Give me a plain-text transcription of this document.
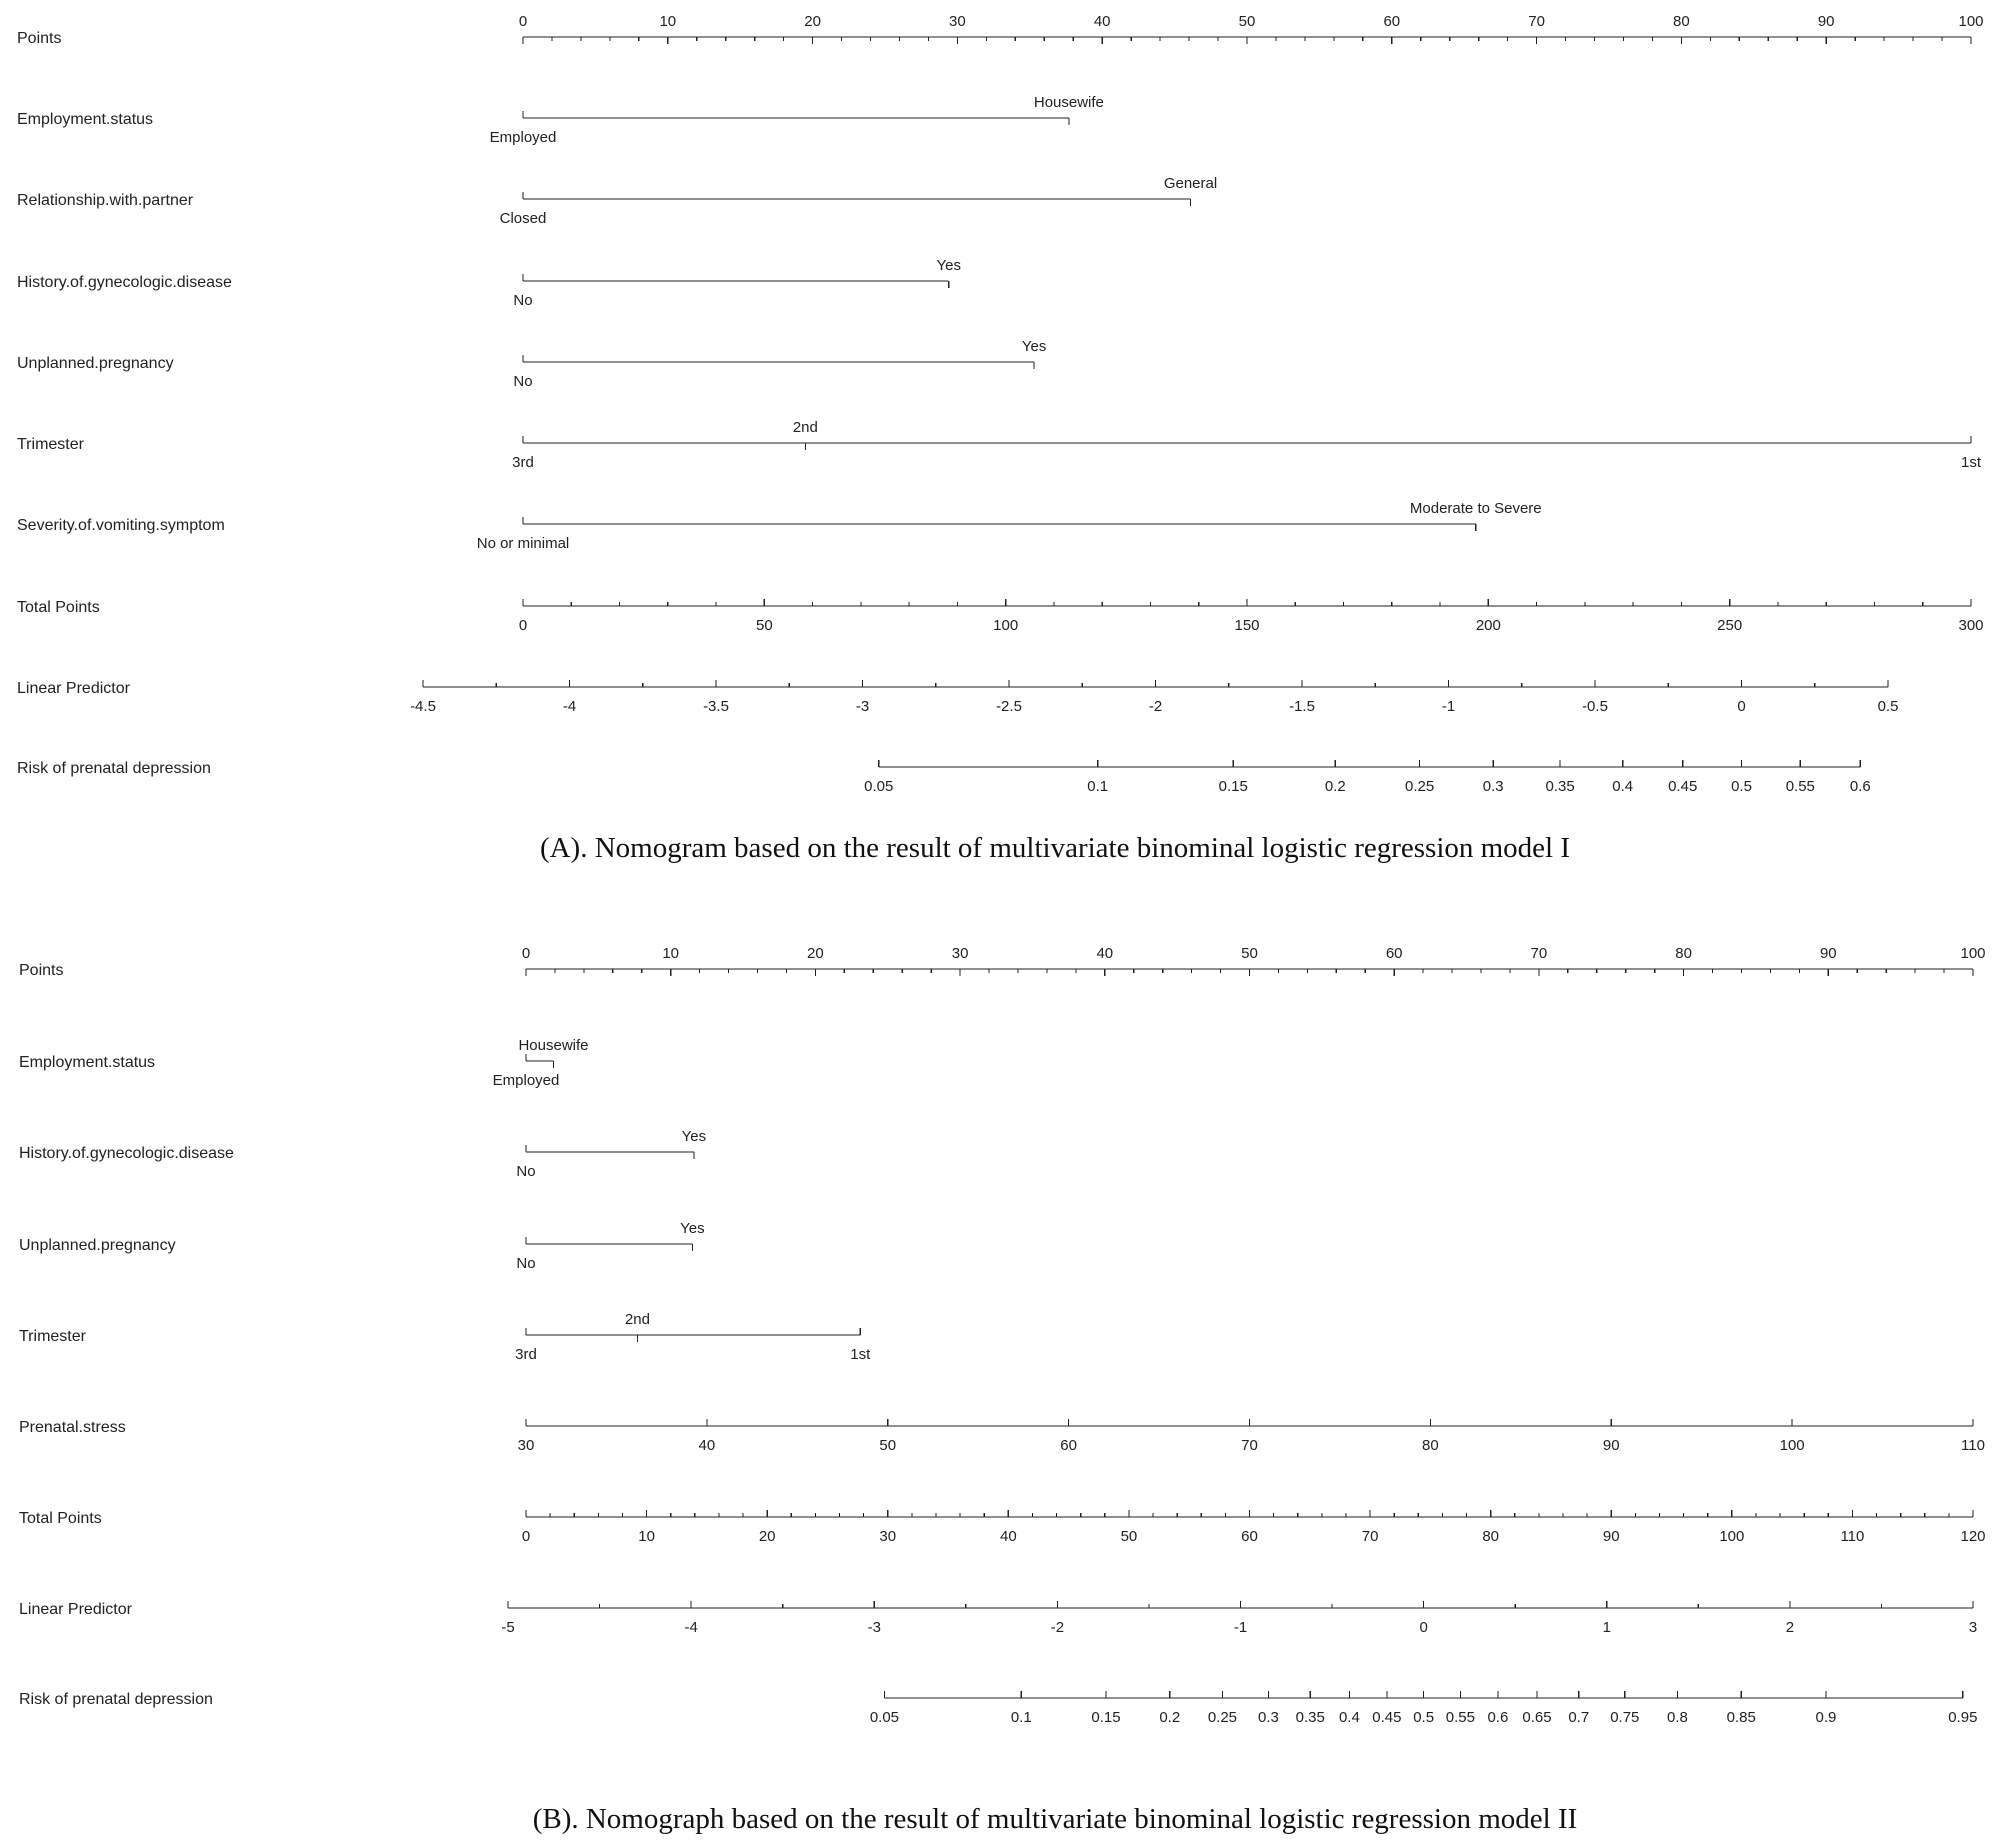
Points
0	10	20	30	40	50	60	70	80	90	100
Employment.status
Employed
Housewife
Relationship.with.partner
Closed
General
History.of.gynecologic.disease
No
Yes
Unplanned.pregnancy
No
Yes
Trimester
3rd
2nd
1st
Severity.of.vomiting.symptom
No or minimal
Moderate to Severe
Total Points
0	50	100	150	200	250	300
Linear Predictor
-4.5	-4	-3.5	-3	-2.5	-2	-1.5	-1	-0.5	0	0.5
Risk of prenatal depression
0.05	0.1	0.15	0.2	0.25	0.3	0.35	0.4 0.45 0.5 0.55 0.6
Points
0	10	20	30	40	50	60	70	80	90	100
Employment.status
Employed
Housewife
History.of.gynecologic.disease
No
Yes
Unplanned.pregnancy
No
Yes
Trimester
3rd
2nd
1st
Prenatal.stress
30	40	50	60	70	80	90	100	110
Total Points
0	10	20	30	40	50	60	70	80	90	100	110	120
Linear Predictor
-5	-4	-3	-2	-1	0	1	2	3
Risk of prenatal depression
0.05	0.1	0.15	0.2 0.25 0.3 0.35 0.4 0.45 0.5 0.55 0.6 0.65 0.7 0.75 0.8	0.85	0.9	0.95
(A). Nomogram based on the result of multivariate binominal logistic regression model I
(B). Nomograph based on the result of multivariate binominal logistic regression model II
